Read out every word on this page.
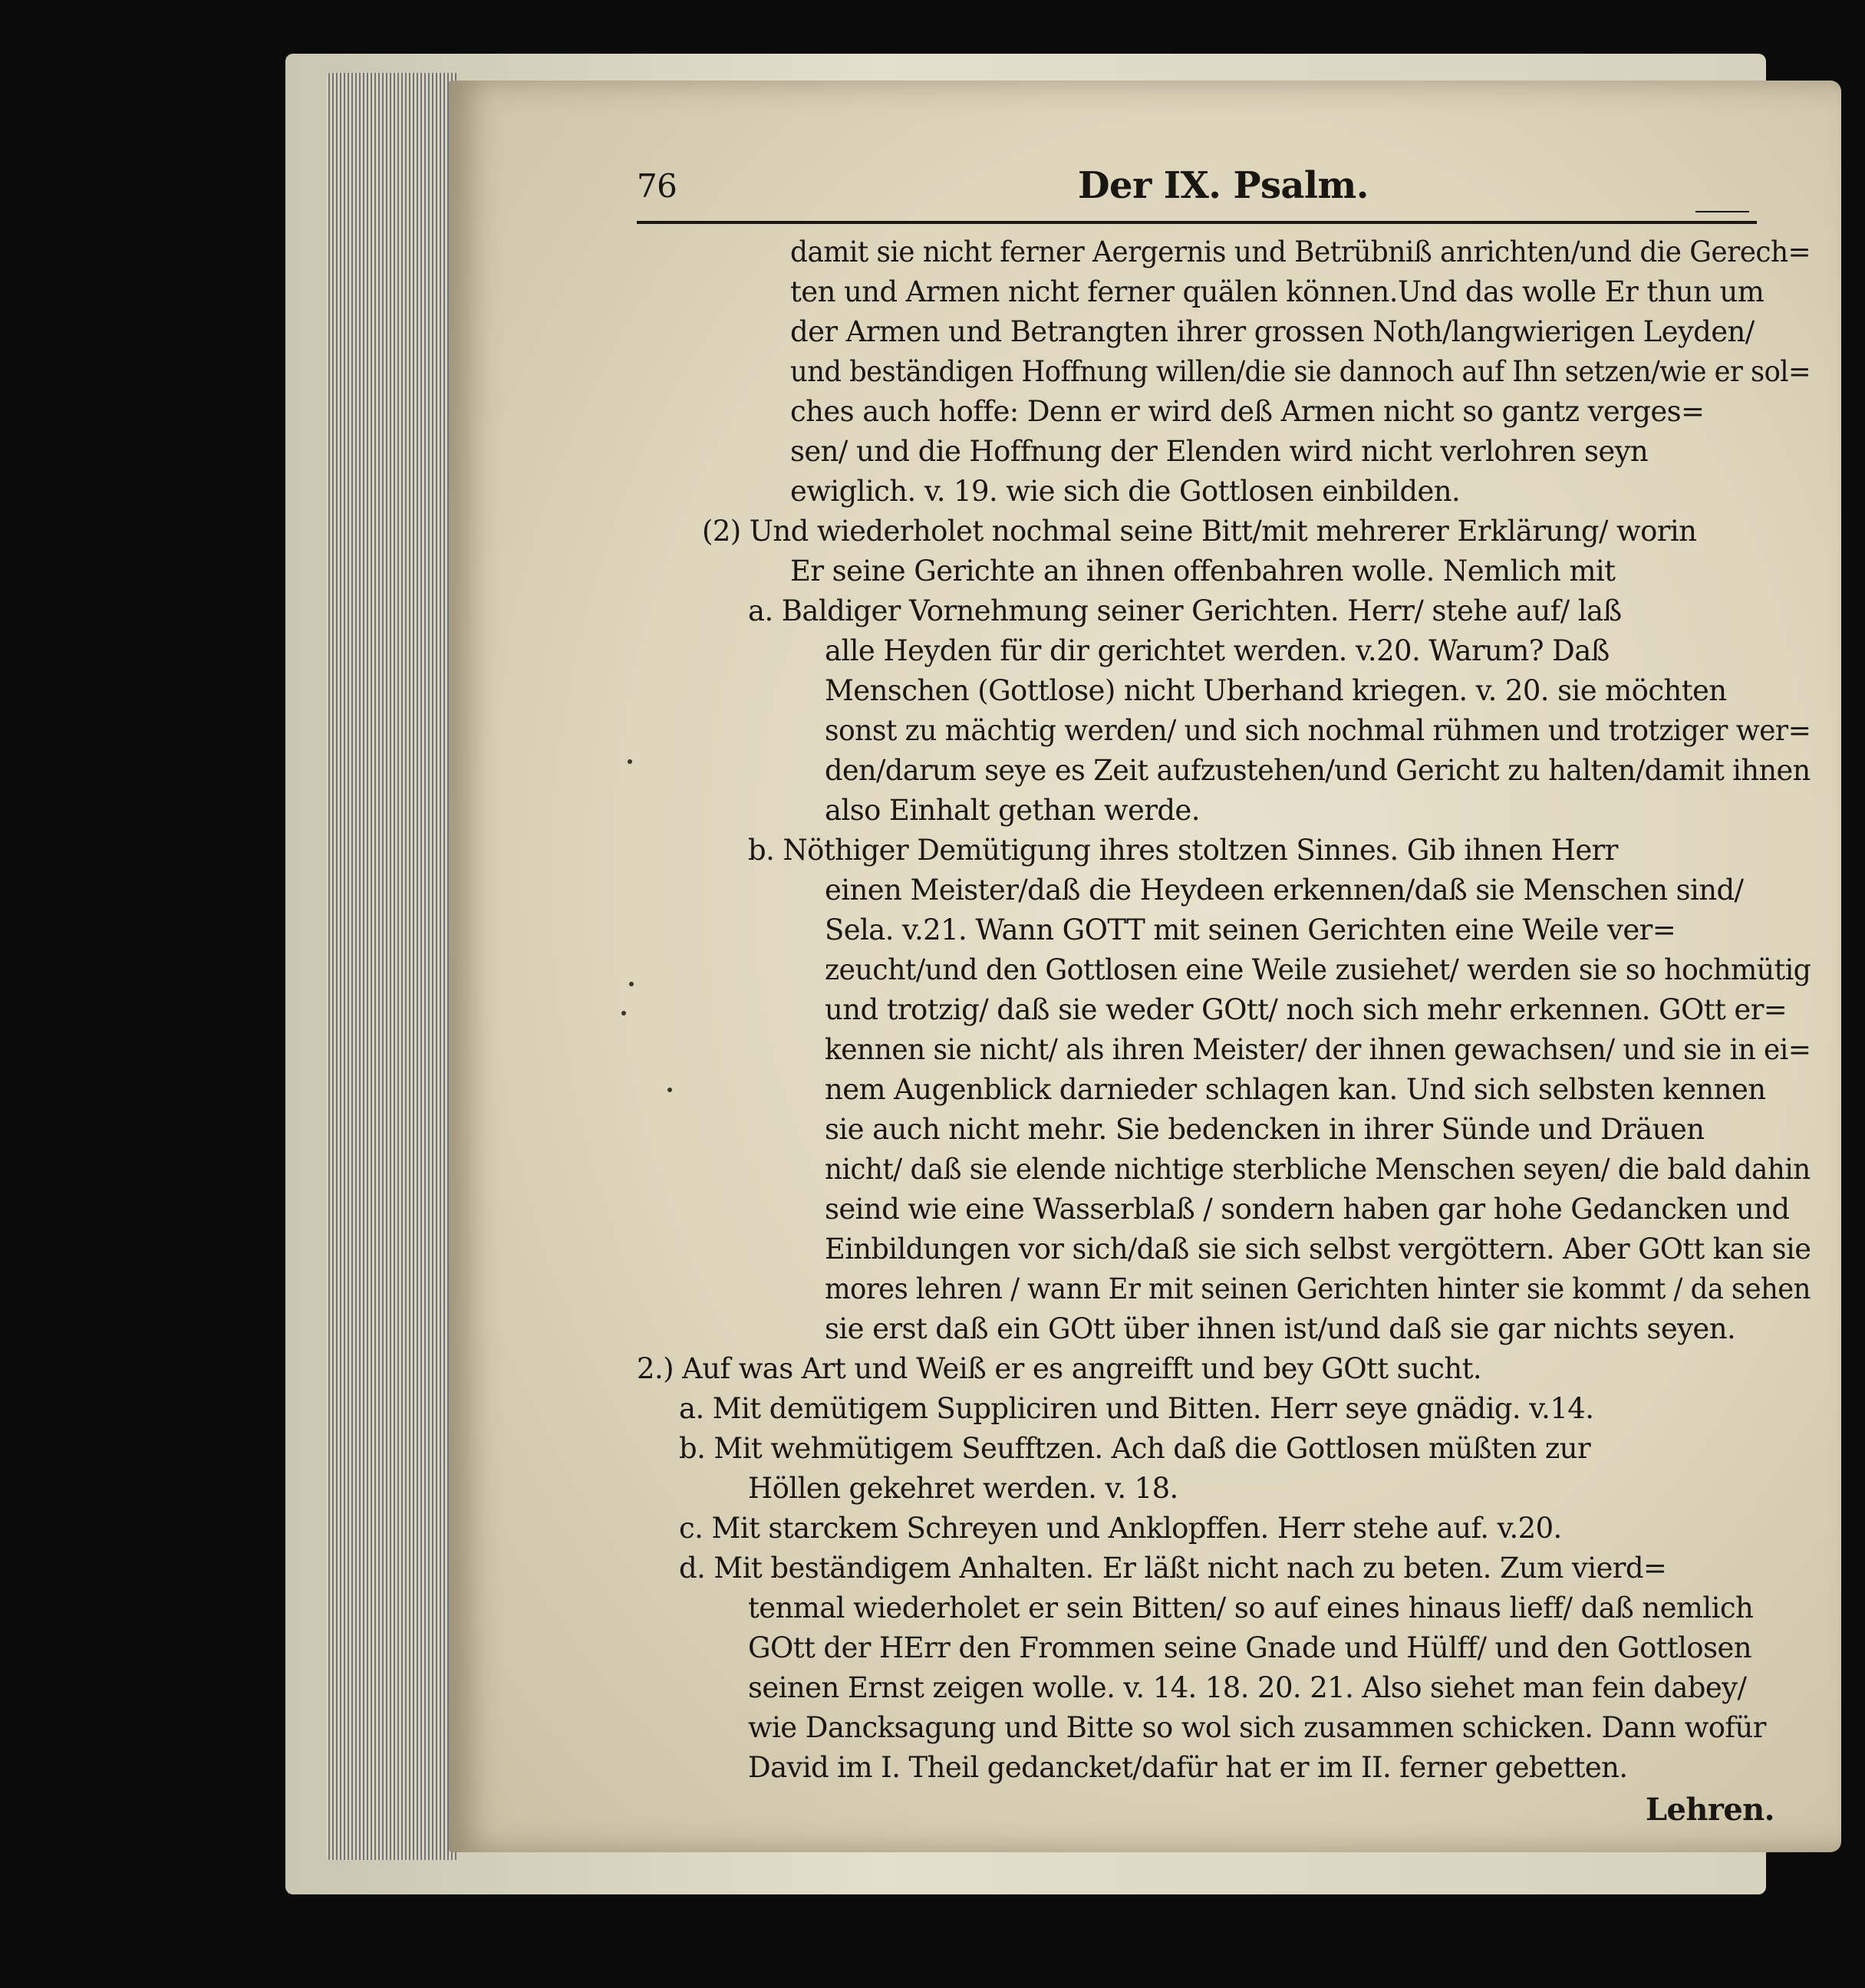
76	Der IX. Psalm.
damit sie nicht ferner Aergernis und Betrübniß anrichten/und die Gerech=
ten und Armen nicht ferner quälen können.Und das wolle Er thun um
der Armen und Betrangten ihrer grossen Noth/langwierigen Leyden/
und beständigen Hoffnung willen/die sie dannoch auf Ihn setzen/wie er sol=
ches auch hoffe: Denn er wird deß Armen nicht so gantz verges=
sen/ und die Hoffnung der Elenden wird nicht verlohren seyn
ewiglich. v. 19. wie sich die Gottlosen einbilden.
(2) Und wiederholet nochmal seine Bitt/mit mehrerer Erklärung/ worin
Er seine Gerichte an ihnen offenbahren wolle. Nemlich mit
a. Baldiger Vornehmung seiner Gerichten. Herr/ stehe auf/ laß
alle Heyden für dir gerichtet werden. v.20. Warum? Daß
Menschen (Gottlose) nicht Uberhand kriegen. v. 20. sie möchten
sonst zu mächtig werden/ und sich nochmal rühmen und trotziger wer=
den/darum seye es Zeit aufzustehen/und Gericht zu halten/damit ihnen
also Einhalt gethan werde.
b. Nöthiger Demütigung ihres stoltzen Sinnes. Gib ihnen Herr
einen Meister/daß die Heydeen erkennen/daß sie Menschen sind/
Sela. v.21. Wann GOTT mit seinen Gerichten eine Weile ver=
zeucht/und den Gottlosen eine Weile zusiehet/ werden sie so hochmütig
und trotzig/ daß sie weder GOtt/ noch sich mehr erkennen. GOtt er=
kennen sie nicht/ als ihren Meister/ der ihnen gewachsen/ und sie in ei=
nem Augenblick darnieder schlagen kan. Und sich selbsten kennen
sie auch nicht mehr. Sie bedencken in ihrer Sünde und Dräuen
nicht/ daß sie elende nichtige sterbliche Menschen seyen/ die bald dahin
seind wie eine Wasserblaß / sondern haben gar hohe Gedancken und
Einbildungen vor sich/daß sie sich selbst vergöttern. Aber GOtt kan sie
mores lehren / wann Er mit seinen Gerichten hinter sie kommt / da sehen
sie erst daß ein GOtt über ihnen ist/und daß sie gar nichts seyen.
2.) Auf was Art und Weiß er es angreifft und bey GOtt sucht.
a. Mit demütigem Suppliciren und Bitten. Herr seye gnädig. v.14.
b. Mit wehmütigem Seufftzen. Ach daß die Gottlosen müßten zur
Höllen gekehret werden. v. 18.
c. Mit starckem Schreyen und Anklopffen. Herr stehe auf. v.20.
d. Mit beständigem Anhalten. Er läßt nicht nach zu beten. Zum vierd=
tenmal wiederholet er sein Bitten/ so auf eines hinaus lieff/ daß nemlich
GOtt der HErr den Frommen seine Gnade und Hülff/ und den Gottlosen
seinen Ernst zeigen wolle. v. 14. 18. 20. 21. Also siehet man fein dabey/
wie Dancksagung und Bitte so wol sich zusammen schicken. Dann wofür
David im I. Theil gedancket/dafür hat er im II. ferner gebetten.
Lehren.
